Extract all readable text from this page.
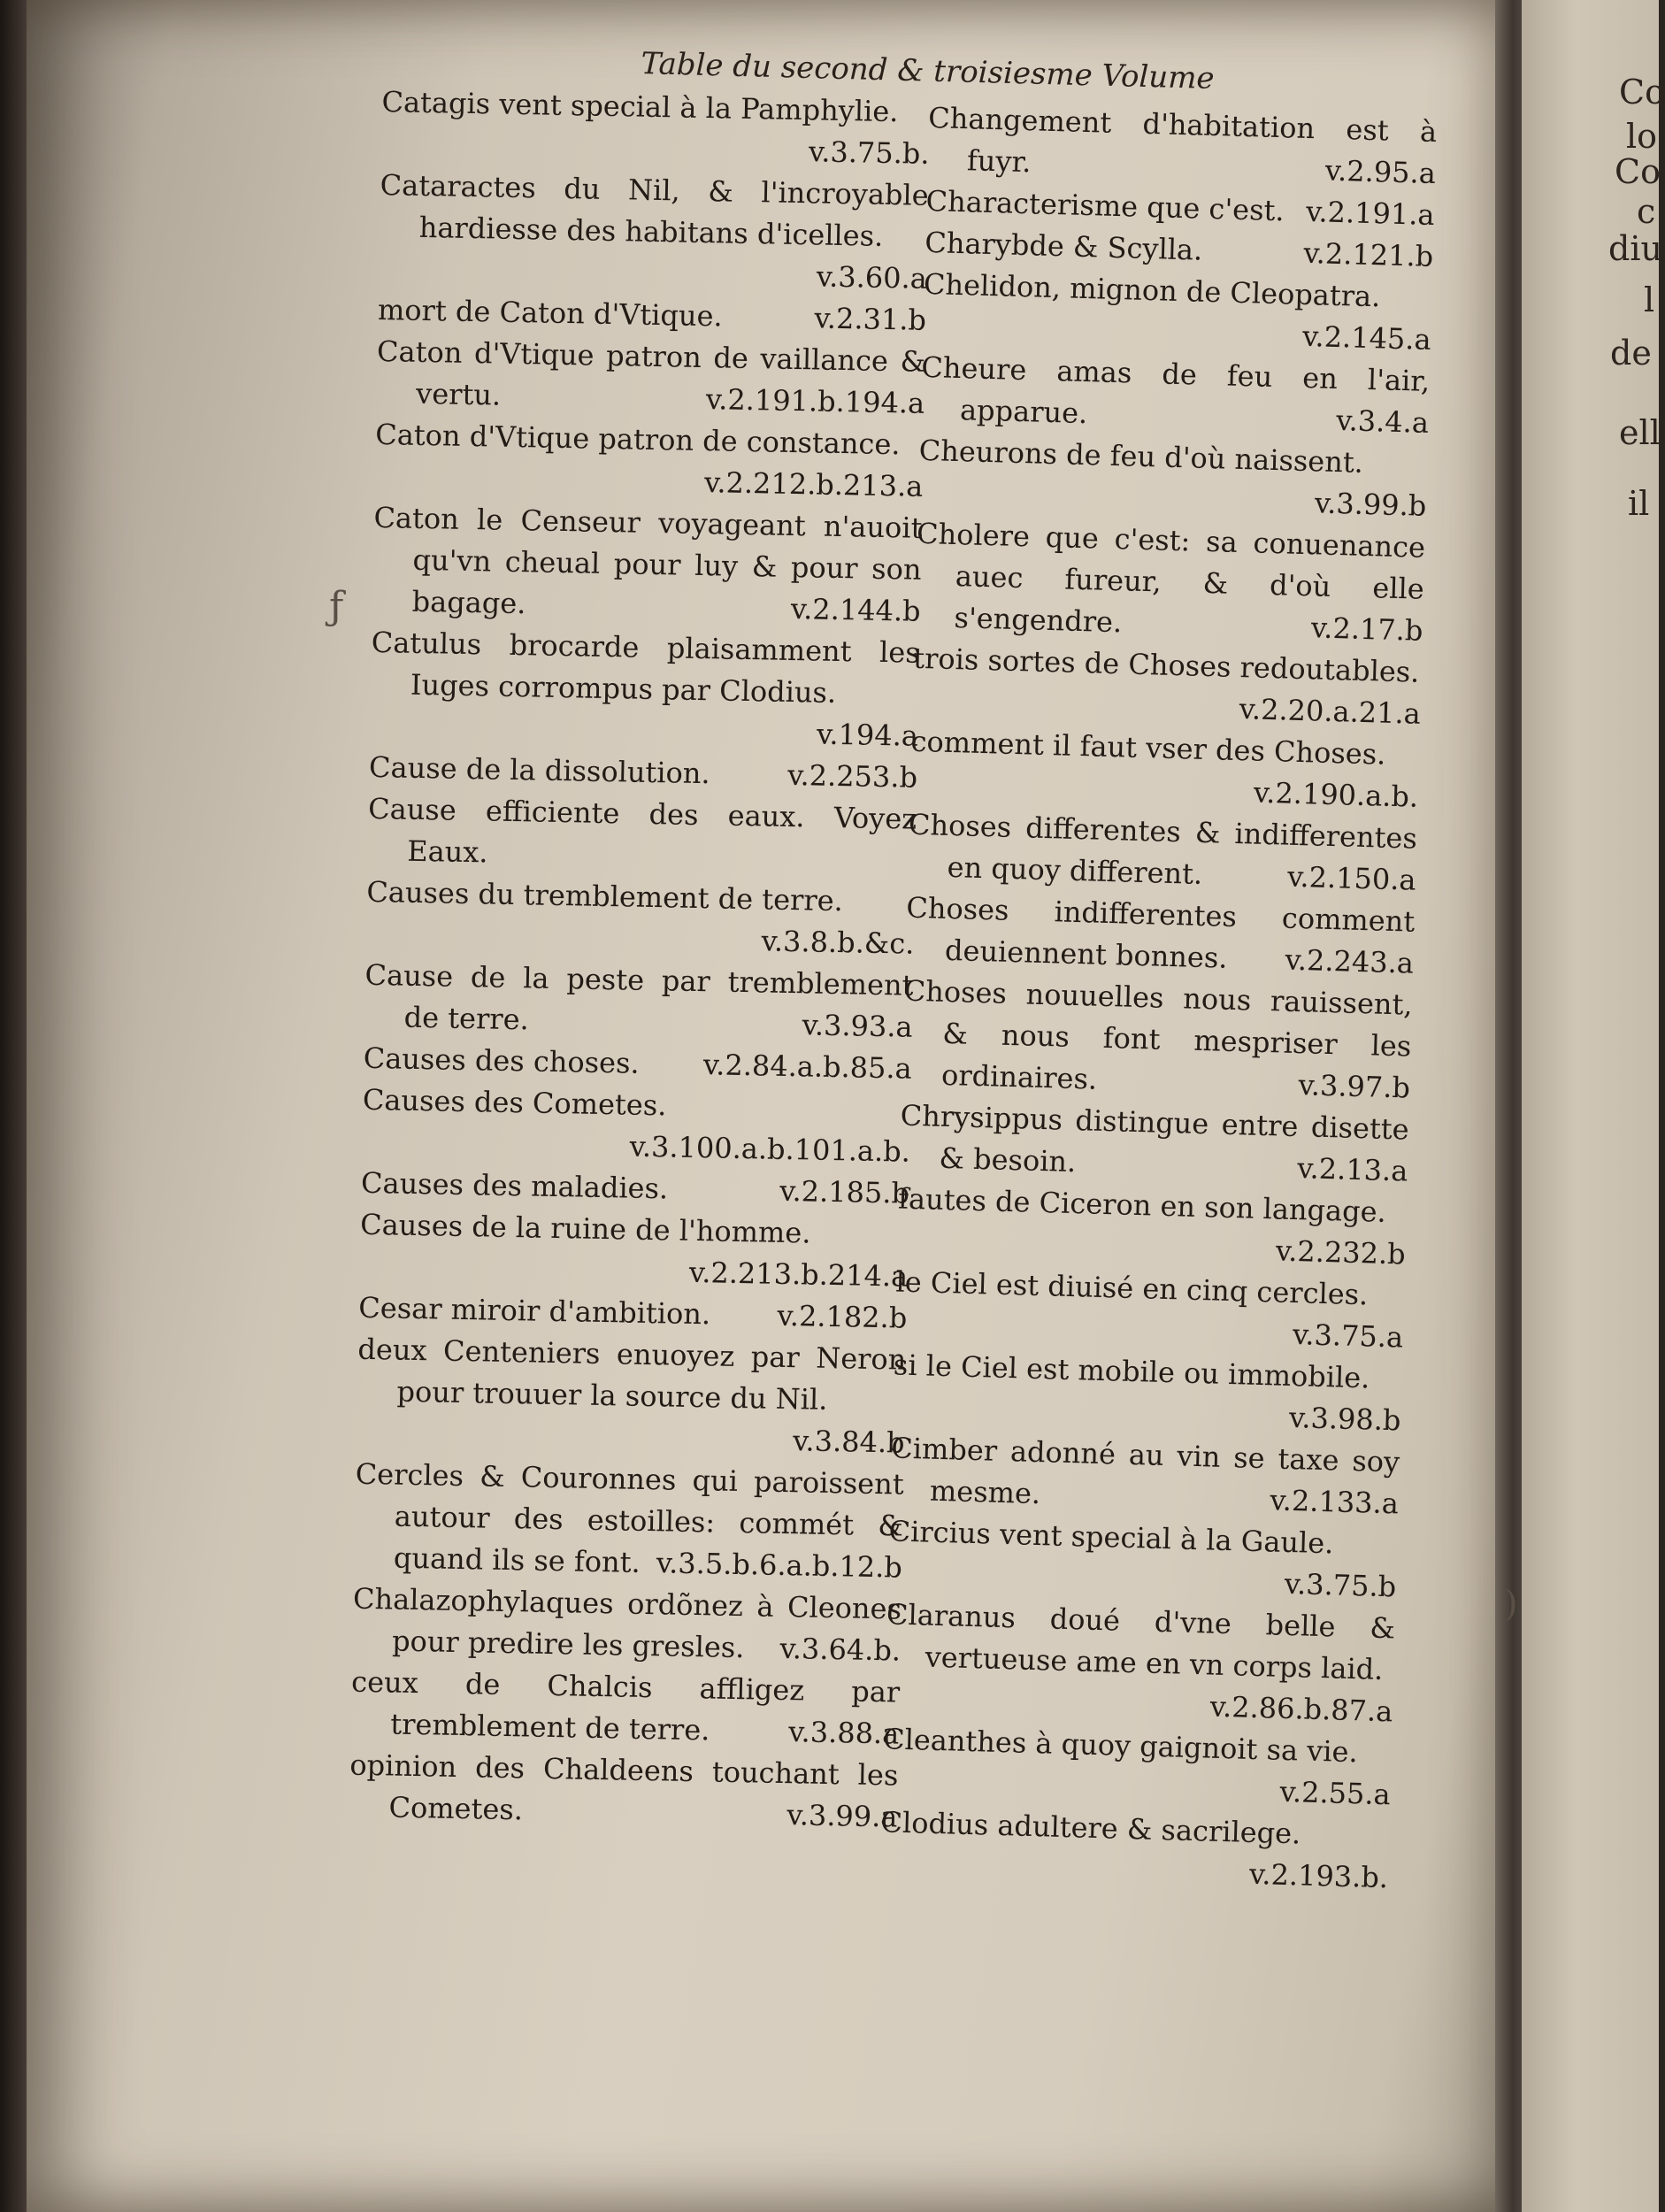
Co
lo
Co
c
diu
l
de
ell
il
Table du second & troisiesme Volume

Catagis vent special à la Pamphylie.
v.3.75.b.

Cataractes du Nil, & l'incroyable hardiesse des habitans d'icelles.
v.3.60.a

mort de Caton d'Vtique.	v.2.31.b

Caton d'Vtique patron de vaillance & vertu.	v.2.191.b.194.a

Caton d'Vtique patron de constance.
v.2.212.b.213.a

Caton le Censeur voyageant n'auoit qu'vn cheual pour luy & pour son bagage.	v.2.144.b

Catulus brocarde plaisamment les Iuges corrompus par Clodius.
v.194.a

Cause de la dissolution.	v.2.253.b

Cause efficiente des eaux. Voyez Eaux.

Causes du tremblement de terre.
v.3.8.b.&c.

Cause de la peste par tremblement de terre.	v.3.93.a

Causes des choses. v.2.84.a.b.85.a

Causes des Cometes.
v.3.100.a.b.101.a.b.

Causes des maladies.	v.2.185.b

Causes de la ruine de l'homme.
v.2.213.b.214.a

Cesar miroir d'ambition. v.2.182.b

deux Centeniers enuoyez par Neron pour trouuer la source du Nil.
v.3.84.b

Cercles & Couronnes qui paroissent autour des estoilles: commét & quand ils se font. v.3.5.b.6.a.b.12.b

Chalazophylaques ordõnez à Cleones pour predire les gresles. v.3.64.b.

ceux de Chalcis affligez par tremblement de terre.	v.3.88.a

opinion des Chaldeens touchant les Cometes.	v.3.99.a

Changement d'habitation est à fuyr.	v.2.95.a

Characterisme que c'est. v.2.191.a

Charybde & Scylla.	v.2.121.b

Chelidon, mignon de Cleopatra.
v.2.145.a

Cheure amas de feu en l'air, apparue.	v.3.4.a

Cheurons de feu d'où naissent.
v.3.99.b

Cholere que c'est: sa conuenance auec fureur, & d'où elle s'engendre.	v.2.17.b

trois sortes de Choses redoutables.
v.2.20.a.21.a

comment il faut vser des Choses.
v.2.190.a.b.

Choses differentes & indifferentes en quoy different.	v.2.150.a

Choses indifferentes comment deuiennent bonnes. v.2.243.a

Choses nouuelles nous rauissent, & nous font mespriser les ordinaires.	v.3.97.b

Chrysippus distingue entre disette & besoin.	v.2.13.a

fautes de Ciceron en son langage.
v.2.232.b

le Ciel est diuisé en cinq cercles.
v.3.75.a

si le Ciel est mobile ou immobile.
v.3.98.b

Cimber adonné au vin se taxe soy mesme.	v.2.133.a

Circius vent special à la Gaule.
v.3.75.b

Claranus doué d'vne belle & vertueuse ame en vn corps laid.
v.2.86.b.87.a

Cleanthes à quoy gaignoit sa vie.
v.2.55.a

Clodius adultere & sacrilege.
v.2.193.b.

ƒ
)
